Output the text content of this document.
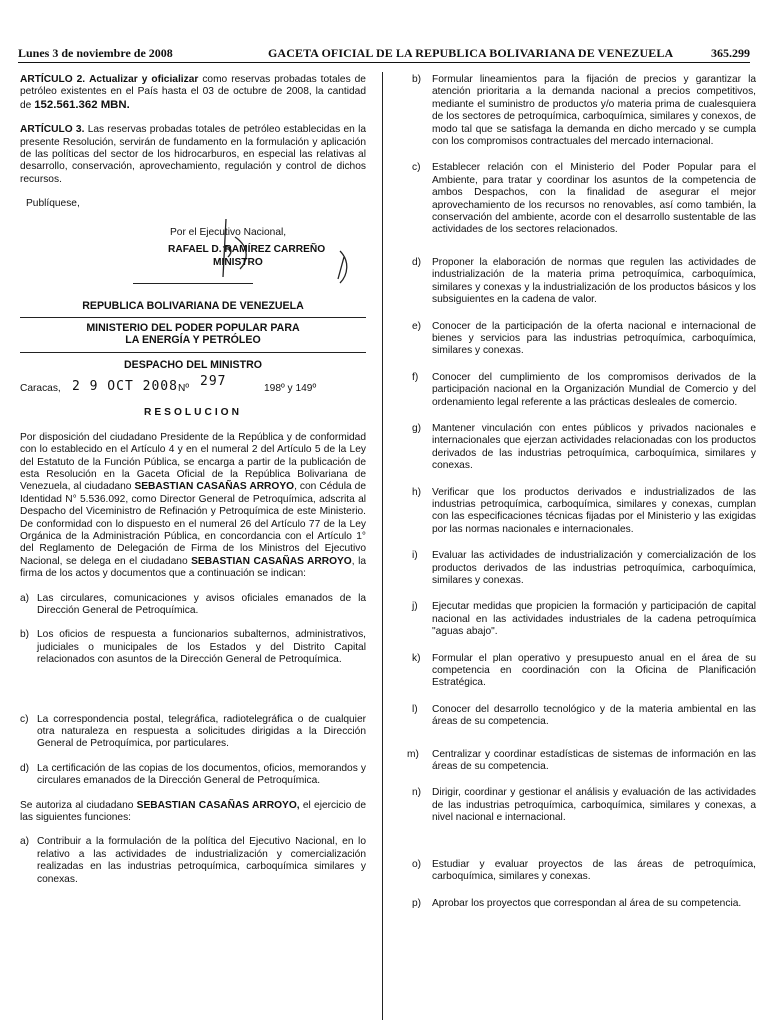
Lunes 3 de noviembre de 2008	GACETA OFICIAL DE LA REPUBLICA BOLIVARIANA DE VENEZUELA	365.299

ARTÍCULO 2. Actualizar y oficializar como reservas probadas totales de petróleo existentes en el País hasta el 03 de octubre de 2008, la cantidad de 152.561.362 MBN.

ARTÍCULO 3. Las reservas probadas totales de petróleo establecidas en la presente Resolución, servirán de fundamento en la formulación y aplicación de las políticas del sector de los hidrocarburos, en especial las relativas al desarrollo, conservación, aprovechamiento, regulación y control de dichos recursos.

Publíquese,

Por el Ejecutivo Nacional,
RAFAEL D. RAMÍREZ CARREÑO
MINISTRO
REPUBLICA BOLIVARIANA DE VENEZUELA
MINISTERIO DEL PODER POPULAR PARA
LA ENERGÍA Y PETRÓLEO
DESPACHO DEL MINISTRO
Caracas, 2 9 OCT 2008 Nº 297	198º y 149º
RESOLUCION

Por disposición del ciudadano Presidente de la República y de conformidad con lo establecido en el Artículo 4 y en el numeral 2 del Artículo 5 de la Ley del Estatuto de la Función Pública, se encarga a partir de la publicación de esta Resolución en la Gaceta Oficial de la República Bolivariana de Venezuela, al ciudadano SEBASTIAN CASAÑAS ARROYO, con Cédula de Identidad N° 5.536.092, como Director General de Petroquímica, adscrita al Despacho del Viceministro de Refinación y Petroquímica de este Ministerio. De conformidad con lo dispuesto en el numeral 26 del Artículo 77 de la Ley Orgánica de la Administración Pública, en concordancia con el Artículo 1° del Reglamento de Delegación de Firma de los Ministros del Ejecutivo Nacional, se delega en el ciudadano SEBASTIAN CASAÑAS ARROYO, la firma de los actos y documentos que a continuación se indican:

a) Las circulares, comunicaciones y avisos oficiales emanados de la Dirección General de Petroquímica.
b) Los oficios de respuesta a funcionarios subalternos, administrativos, judiciales o municipales de los Estados y del Distrito Capital relacionados con asuntos de la Dirección General de Petroquímica.
c) La correspondencia postal, telegráfica, radiotelegráfica o de cualquier otra naturaleza en respuesta a solicitudes dirigidas a la Dirección General de Petroquímica, por particulares.
d) La certificación de las copias de los documentos, oficios, memorandos y circulares emanados de la Dirección General de Petroquímica.

Se autoriza al ciudadano SEBASTIAN CASAÑAS ARROYO, el ejercicio de las siguientes funciones:

a) Contribuir a la formulación de la política del Ejecutivo Nacional, en lo relativo a las actividades de industrialización y comercialización realizadas en las industrias petroquímica, carboquímica similares y conexas.
b)	Formular lineamientos para la fijación de precios y garantizar la atención prioritaria a la demanda nacional a precios competitivos, mediante el suministro de productos y/o materia prima de cualesquiera de los sectores de petroquímica, carboquímica, similares y conexos, de modo tal que se satisfaga la demanda en dicho mercado y se cumpla con los compromisos contractuales del mercado internacional.
c)	Establecer relación con el Ministerio del Poder Popular para el Ambiente, para tratar y coordinar los asuntos de la competencia de ambos Despachos, con la finalidad de asegurar el mejor aprovechamiento de los recursos no renovables, así como también, la conservación del ambiente, acorde con el desarrollo sustentable de las actividades de los sectores relacionados.
d)	Proponer la elaboración de normas que regulen las actividades de industrialización de la materia prima petroquímica, carboquímica, similares y conexas y la industrialización de los productos básicos y los subsiguientes en la cadena de valor.
e)	Conocer de la participación de la oferta nacional e internacional de bienes y servicios para las industrias petroquímica, carboquímica, similares y conexas.
f)	Conocer del cumplimiento de los compromisos derivados de la participación nacional en la Organización Mundial de Comercio y del ordenamiento legal referente a las prácticas desleales de comercio.
g)	Mantener vinculación con entes públicos y privados nacionales e internacionales que ejerzan actividades relacionadas con los productos derivados de las industrias petroquímica, carboquímica, similares y conexas.
h)	Verificar que los productos derivados e industrializados de las industrias petroquímica, carboquímica, similares y conexas, cumplan con las especificaciones técnicas fijadas por el Ministerio y las exigidas por las normas nacionales e internacionales.
i)	Evaluar las actividades de industrialización y comercialización de los productos derivados de las industrias petroquímica, carboquímica, similares y conexas.
j)	Ejecutar medidas que propicien la formación y participación de capital nacional en las actividades industriales de la cadena petroquímica "aguas abajo".
k)	Formular el plan operativo y presupuesto anual en el área de su competencia en coordinación con la Oficina de Planificación Estratégica.
l)	Conocer del desarrollo tecnológico y de la materia ambiental en las áreas de su competencia.
m)	Centralizar y coordinar estadísticas de sistemas de información en las áreas de su competencia.
n)	Dirigir, coordinar y gestionar el análisis y evaluación de las actividades de las industrias petroquímica, carboquímica, similares y conexas, a nivel nacional e internacional.
o)	Estudiar y evaluar proyectos de las áreas de petroquímica, carboquímica, similares y conexas.
p)	Aprobar los proyectos que correspondan al área de su competencia.
